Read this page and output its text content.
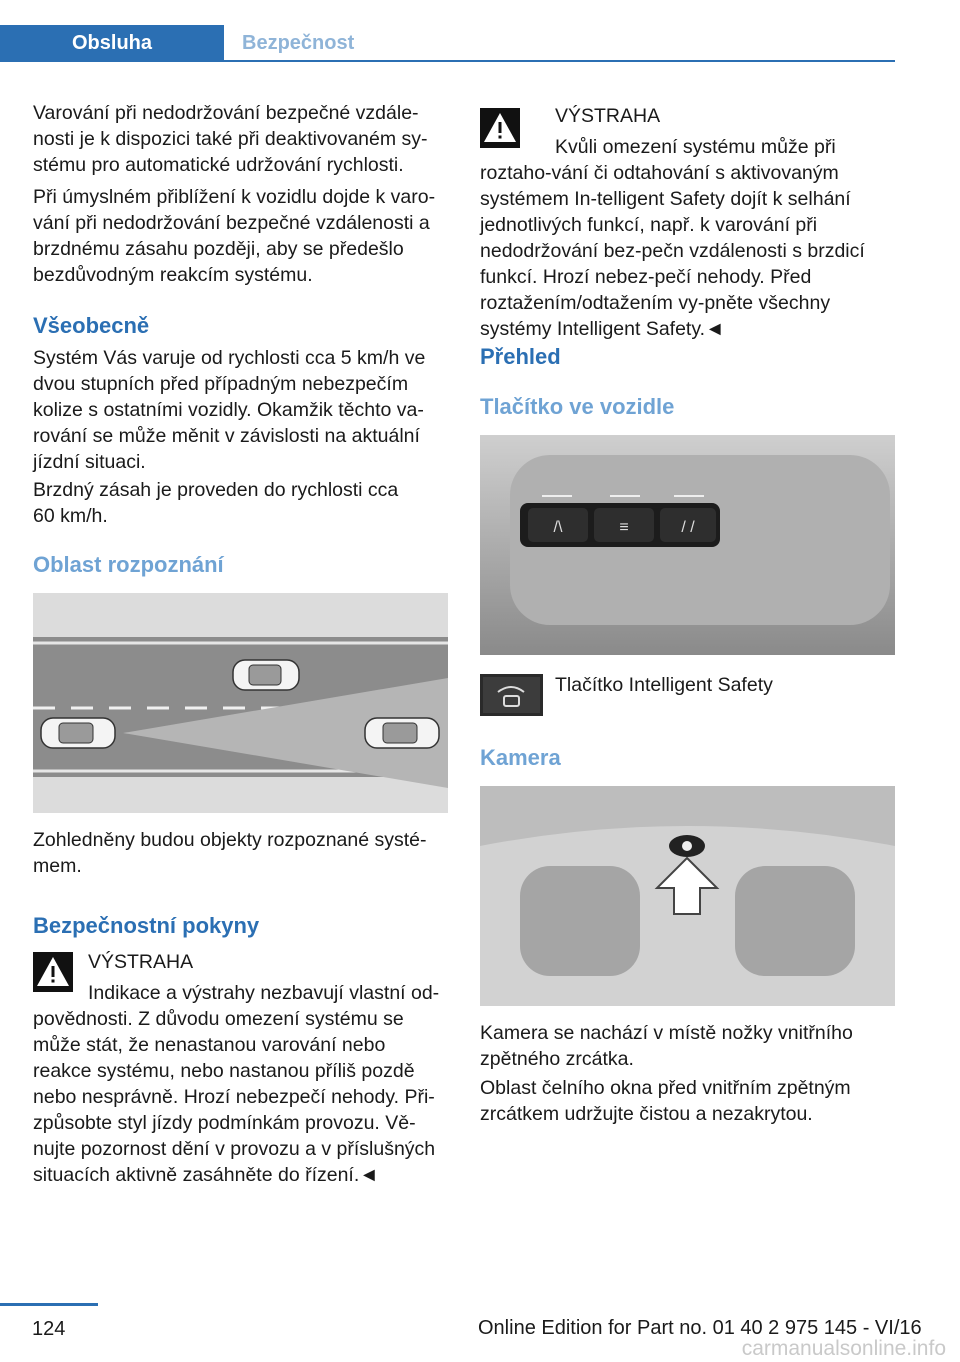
Obsluha	Bezpečnost

Varování při nedodržování bezpečné vzdále‐nosti je k dispozici také při deaktivovaném sy‐stému pro automatické udržování rychlosti.

Při úmyslném přiblížení k vozidlu dojde k varo‐vání při nedodržování bezpečné vzdálenosti a brzdnému zásahu později, aby se předešlo bezdůvodným reakcím systému.

Všeobecně

Systém Vás varuje od rychlosti cca 5 km/h ve dvou stupních před případným nebezpečím kolize s ostatními vozidly. Okamžik těchto va‐rování se může měnit v závislosti na aktuální jízdní situaci.

Brzdný zásah je proveden do rychlosti cca 60 km/h.

Oblast rozpoznání

Zohledněny budou objekty rozpoznané systé‐mem.

Bezpečnostní pokyny
VÝSTRAHA

Indikace a výstrahy nezbavují vlastní od‐povědnosti. Z důvodu omezení systému se může stát, že nenastanou varování nebo reakce systému, nebo nastanou příliš pozdě nebo nesprávně. Hrozí nebezpečí nehody. Při‐způsobte styl jízdy podmínkám provozu. Vě‐nujte pozornost dění v provozu a v příslušných situacích aktivně zasáhněte do řízení.◄

VÝSTRAHA

Kvůli omezení systému může při roztaho‐vání či odtahování s aktivovaným systémem In‐telligent Safety dojít k selhání jednotlivých funkcí, např. k varování při nedodržování bez‐pečn vzdálenosti s brzdicí funkcí. Hrozí nebez‐pečí nehody. Před roztažením/odtažením vy‐pněte všechny systémy Intelligent Safety.◄

Přehled
Tlačítko ve vozidle
/\	≡	/ /
Tlačítko Intelligent Safety
Kamera

Kamera se nachází v místě nožky vnitřního zpětného zrcátka.

Oblast čelního okna před vnitřním zpětným zrcátkem udržujte čistou a nezakrytou.

124	Online Edition for Part no. 01 40 2 975 145 - VI/16
carmanualsonline.info
